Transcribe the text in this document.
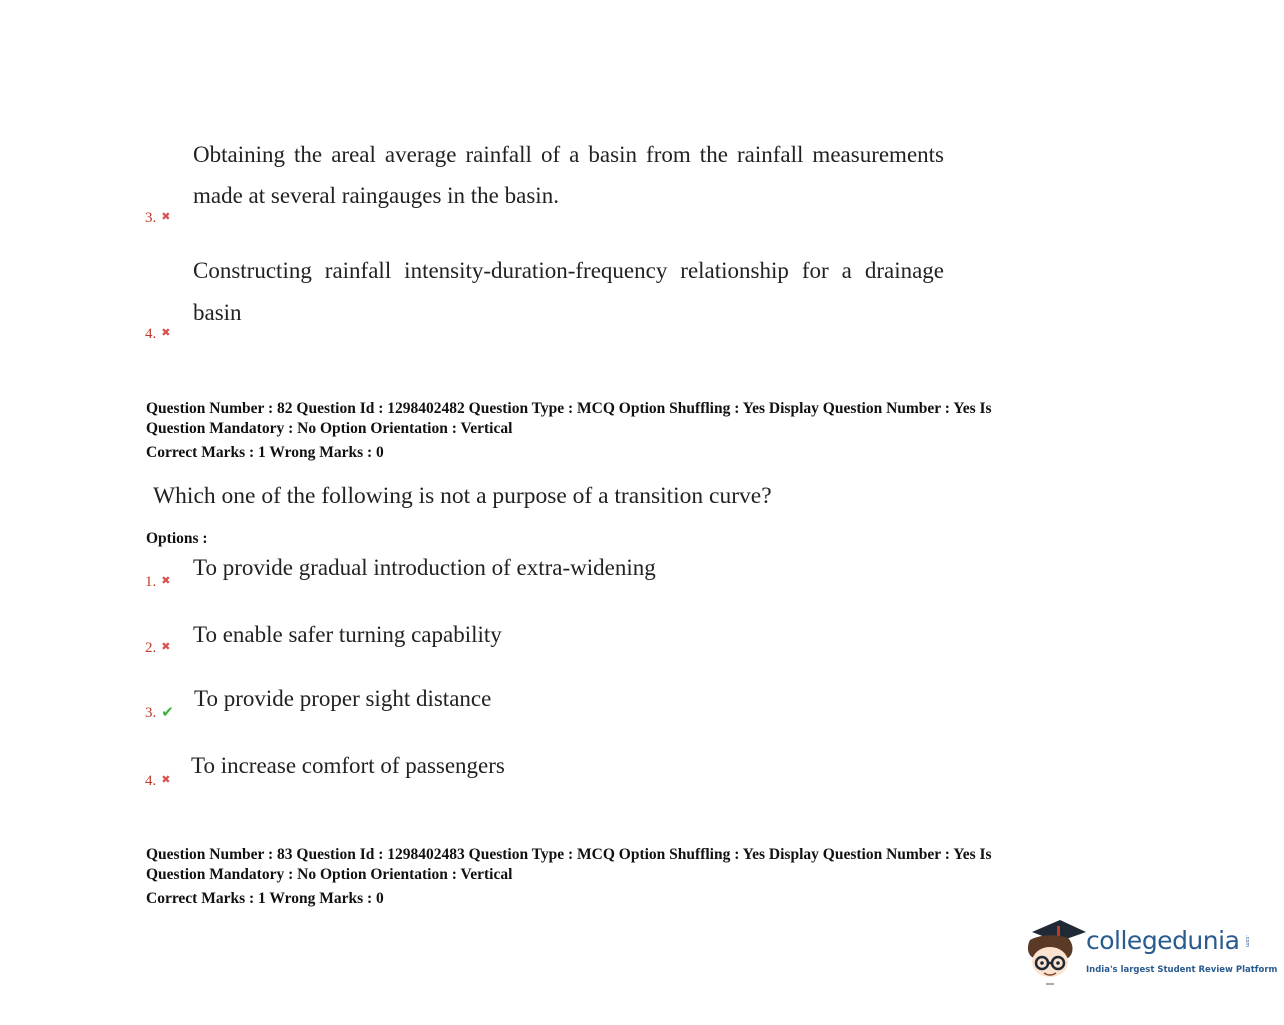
Obtaining the areal average rainfall of a basin from the rainfall measurements
made at several raingauges in the basin.
3. ✖
Constructing rainfall intensity-duration-frequency relationship for a drainage
basin
4. ✖
Question Number : 82 Question Id : 1298402482 Question Type : MCQ Option Shuffling : Yes Display Question Number : Yes Is
Question Mandatory : No Option Orientation : Vertical
Correct Marks : 1 Wrong Marks : 0
Which one of the following is not a purpose of a transition curve?
Options :
1. ✖
To provide gradual introduction of extra-widening
2. ✖ To enable safer turning capability
3. ✔
To provide proper sight distance
4. ✖
To increase comfort of passengers
Question Number : 83 Question Id : 1298402483 Question Type : MCQ Option Shuffling : Yes Display Question Number : Yes Is
Question Mandatory : No Option Orientation : Vertical
Correct Marks : 1 Wrong Marks : 0
collegedunia .com
India's largest Student Review Platform
